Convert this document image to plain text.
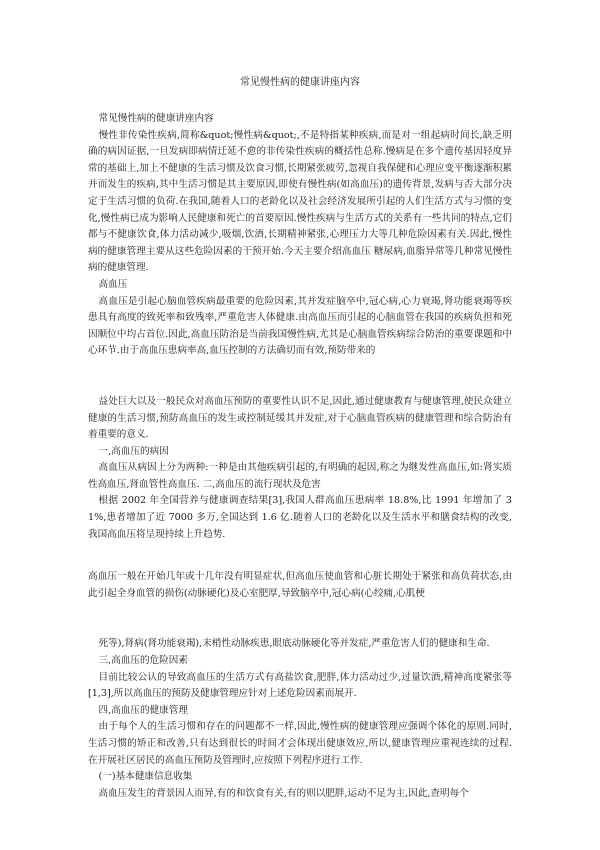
常见慢性病的健康讲座内容

常见慢性病的健康讲座内容

慢性非传染性疾病,简称&quot;慢性病&quot;,不是特指某种疾病,而是对一组起病时间长,缺乏明确的病因证据,一旦发病即病情迁延不愈的非传染性疾病的概括性总称.慢病是在多个遗传基因轻度异常的基础上,加上不健康的生活习惯及饮食习惯,长期紧张疲劳,忽视自我保健和心理应变平衡逐渐积累并而发生的疾病,其中生活习惯是其主要原因,即使有慢性病(如高血压)的遗传背景,发病与否大部分决定于生活习惯的负荷.在我国,随着人口的老龄化以及社会经济发展所引起的人们生活方式与习惯的变化,慢性病已成为影响人民健康和死亡的首要原因.慢性疾病与生活方式的关系有一些共同的特点,它们都与不健康饮食,体力活动减少,吸烟,饮酒,长期精神紧张,心理压力大等几种危险因素有关.因此,慢性病的健康管理主要从这些危险因素的干预开始.今天主要介绍高血压 糖尿病,血脂异常等几种常见慢性病的健康管理.

高血压

高血压是引起心脑血管疾病最重要的危险因素,其并发症脑卒中,冠心病,心力衰竭,肾功能衰竭等疾患具有高度的致死率和致残率,严重危害人体健康.由高血压而引起的心脑血管在我国的疾病负担和死因顺位中均占首位.因此,高血压防治是当前我国慢性病,尤其是心脑血管疾病综合防治的重要课题和中心环节.由于高血压患病率高,血压控制的方法确切而有效,预防带来的

益处巨大以及一般民众对高血压预防的重要性认识不足,因此,通过健康教育与健康管理,使民众建立健康的生活习惯,预防高血压的发生或控制延缓其并发症,对于心脑血管疾病的健康管理和综合防治有着重要的意义.

一,高血压的病因

高血压从病因上分为两种:一种是由其他疾病引起的,有明确的起因,称之为继发性高血压,如:肾实质性高血压,肾血管性高血压. 二,高血压的流行现状及危害

根据 2002 年全国营养与健康调查结果[3],我国人群高血压患病率 18.8%,比 1991 年增加了 31%,患者增加了近 7000 多万,全国达到 1.6 亿.随着人口的老龄化以及生活水平和膳食结构的改变,我国高血压将呈现持续上升趋势.

高血压一般在开始几年或十几年没有明显症状,但高血压使血管和心脏长期处于紧张和高负荷状态,由此引起全身血管的损伤(动脉硬化)及心室肥厚,导致脑卒中,冠心病(心绞痛,心肌梗

死等),肾病(肾功能衰竭),末梢性动脉疾患,眼底动脉硬化等并发症,严重危害人们的健康和生命.

三,高血压的危险因素

目前比较公认的导致高血压的生活方式有高盐饮食,肥胖,体力活动过少,过量饮酒,精神高度紧张等[1,3],所以高血压的预防及健康管理应针对上述危险因素而展开.

四,高血压的健康管理

由于每个人的生活习惯和存在的问题都不一样,因此,慢性病的健康管理应强调个体化的原则.同时,生活习惯的矫正和改善,只有达到很长的时间才会体现出健康效应,所以,健康管理应重视连续的过程.在开展社区居民的高血压预防及管理时,应按照下列程序进行工作.

(一)基本健康信息收集

高血压发生的背景因人而异,有的和饮食有关,有的则以肥胖,运动不足为主,因此,查明每个
